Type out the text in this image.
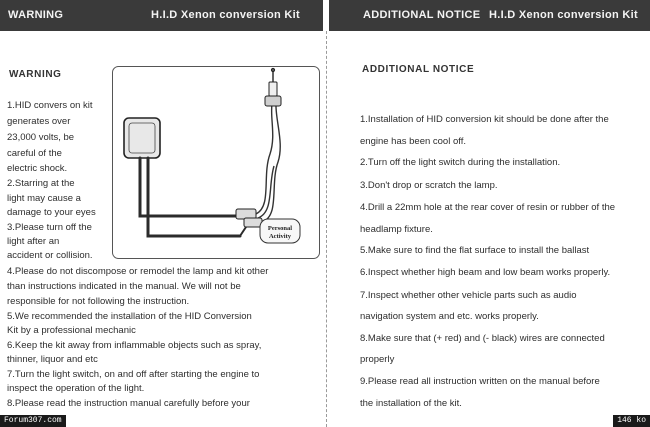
WARNING	H.I.D Xenon conversion Kit	ADDITIONAL NOTICE H.I.D Xenon conversion Kit
WARNING
1.HID convers on kit
generates over
23,000 volts, be
careful of the
electric shock.
2.Starring at the
light may cause a
damage to your eyes
3.Please turn off the
light after an
accident or collision.
4.Please do not discompose or remodel the lamp and kit other
than instructions indicated in the manual. We will not be
responsible for not following the instruction.
5.We recommended the installation of the HID Conversion
Kit by a professional mechanic
6.Keep the kit away from inflammable objects such as spray,
thinner, liquor and etc
7.Turn the light switch, on and off after starting the engine to
inspect the operation of the light.
8.Please read the instruction manual carefully before your
Personal
Activity
Forum307.com
ADDITIONAL NOTICE
1.Installation of HID conversion kit should be done after the
engine has been cool off.
2.Turn off the light switch during the installation.
3.Don't drop or scratch the lamp.
4.Drill a 22mm hole at the rear cover of resin or rubber of the
headlamp fixture.
5.Make sure to find the flat surface to install the ballast
6.Inspect whether high beam and low beam works properly.
7.Inspect whether other vehicle parts such as audio
navigation system and etc. works properly.
8.Make sure that (+ red) and (- black) wires are connected
properly
9.Please read all instruction written on the manual before
the installation of the kit.
146 ko
